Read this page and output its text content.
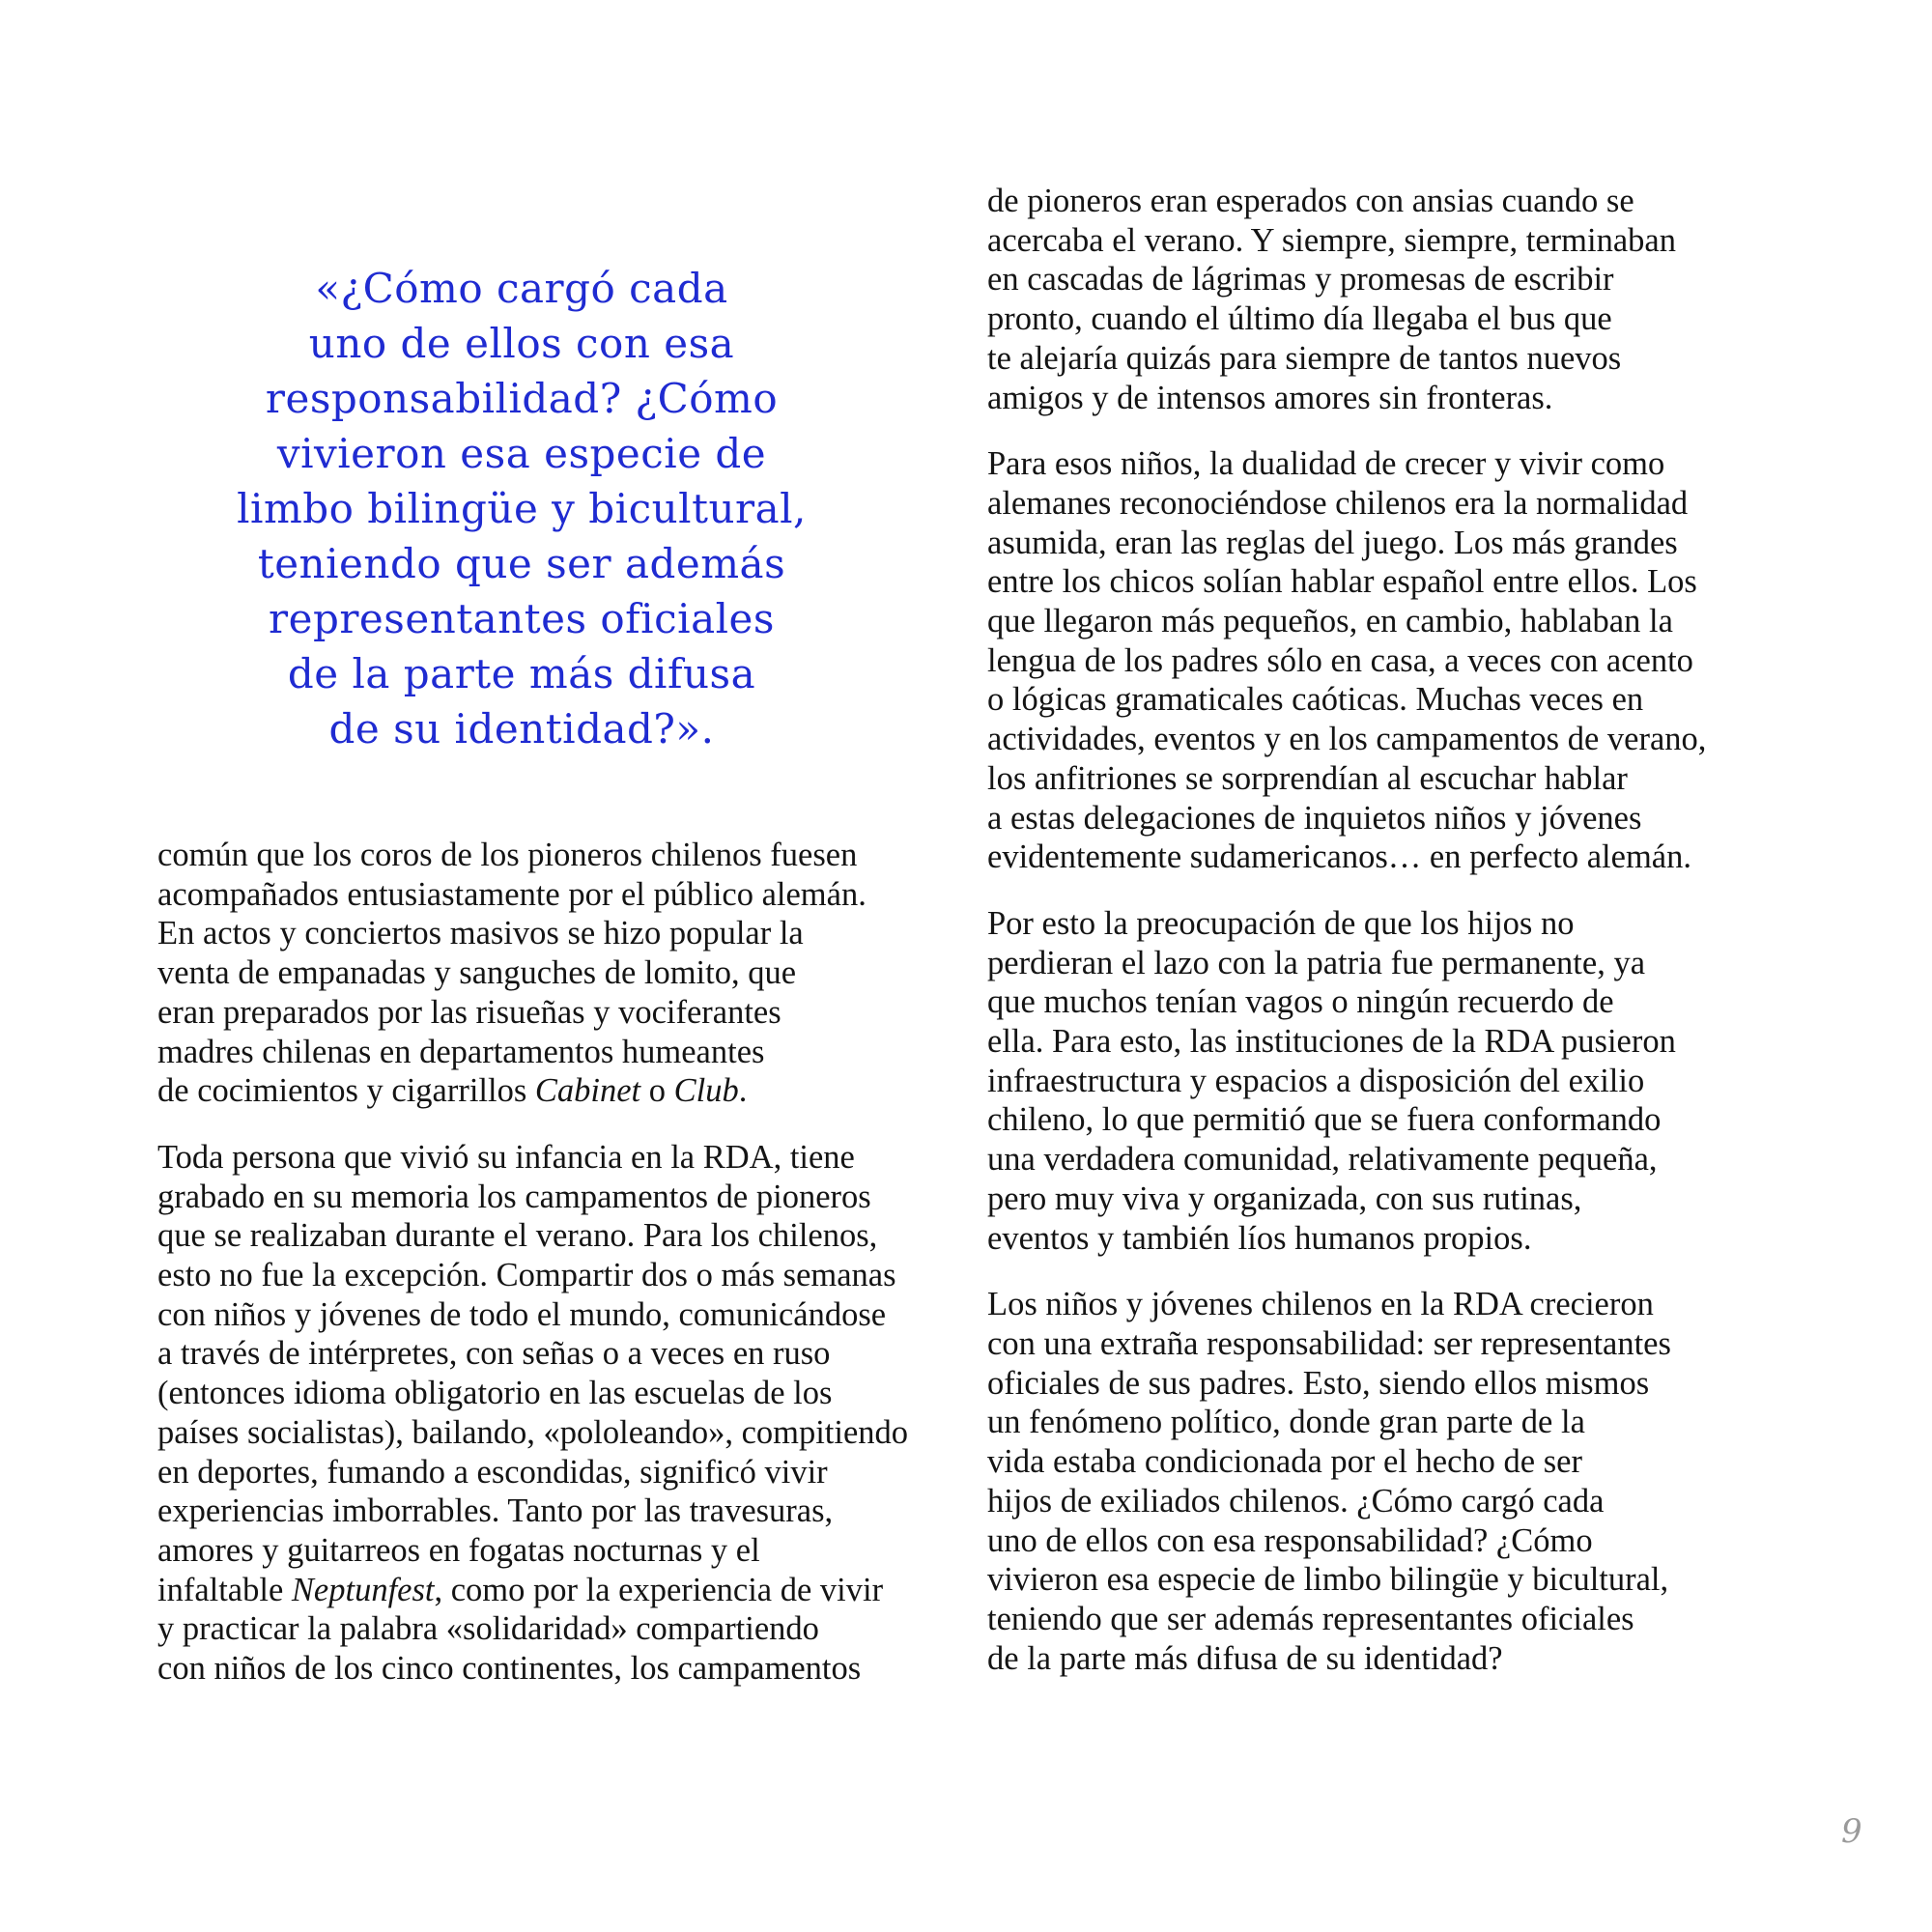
«¿Cómo cargó cada
uno de ellos con esa
responsabilidad? ¿Cómo
vivieron esa especie de
limbo bilingüe y bicultural,
teniendo que ser además
representantes oficiales
de la parte más difusa
de su identidad?».

común que los coros de los pioneros chilenos fuesen
acompañados entusiastamente por el público alemán.
En actos y conciertos masivos se hizo popular la
venta de empanadas y sanguches de lomito, que
eran preparados por las risueñas y vociferantes
madres chilenas en departamentos humeantes
de cocimientos y cigarrillos Cabinet o Club.

Toda persona que vivió su infancia en la RDA, tiene
grabado en su memoria los campamentos de pioneros
que se realizaban durante el verano. Para los chilenos,
esto no fue la excepción. Compartir dos o más semanas
con niños y jóvenes de todo el mundo, comunicándose
a través de intérpretes, con señas o a veces en ruso
(entonces idioma obligatorio en las escuelas de los
países socialistas), bailando, «pololeando», compitiendo
en deportes, fumando a escondidas, significó vivir
experiencias imborrables. Tanto por las travesuras,
amores y guitarreos en fogatas nocturnas y el
infaltable Neptunfest, como por la experiencia de vivir
y practicar la palabra «solidaridad» compartiendo
con niños de los cinco continentes, los campamentos

de pioneros eran esperados con ansias cuando se
acercaba el verano. Y siempre, siempre, terminaban
en cascadas de lágrimas y promesas de escribir
pronto, cuando el último día llegaba el bus que
te alejaría quizás para siempre de tantos nuevos
amigos y de intensos amores sin fronteras.

Para esos niños, la dualidad de crecer y vivir como
alemanes reconociéndose chilenos era la normalidad
asumida, eran las reglas del juego. Los más grandes
entre los chicos solían hablar español entre ellos. Los
que llegaron más pequeños, en cambio, hablaban la
lengua de los padres sólo en casa, a veces con acento
o lógicas gramaticales caóticas. Muchas veces en
actividades, eventos y en los campamentos de verano,
los anfitriones se sorprendían al escuchar hablar
a estas delegaciones de inquietos niños y jóvenes
evidentemente sudamericanos… en perfecto alemán.

Por esto la preocupación de que los hijos no
perdieran el lazo con la patria fue permanente, ya
que muchos tenían vagos o ningún recuerdo de
ella. Para esto, las instituciones de la RDA pusieron
infraestructura y espacios a disposición del exilio
chileno, lo que permitió que se fuera conformando
una verdadera comunidad, relativamente pequeña,
pero muy viva y organizada, con sus rutinas,
eventos y también líos humanos propios.

Los niños y jóvenes chilenos en la RDA crecieron
con una extraña responsabilidad: ser representantes
oficiales de sus padres. Esto, siendo ellos mismos
un fenómeno político, donde gran parte de la
vida estaba condicionada por el hecho de ser
hijos de exiliados chilenos. ¿Cómo cargó cada
uno de ellos con esa responsabilidad? ¿Cómo
vivieron esa especie de limbo bilingüe y bicultural,
teniendo que ser además representantes oficiales
de la parte más difusa de su identidad?

9
